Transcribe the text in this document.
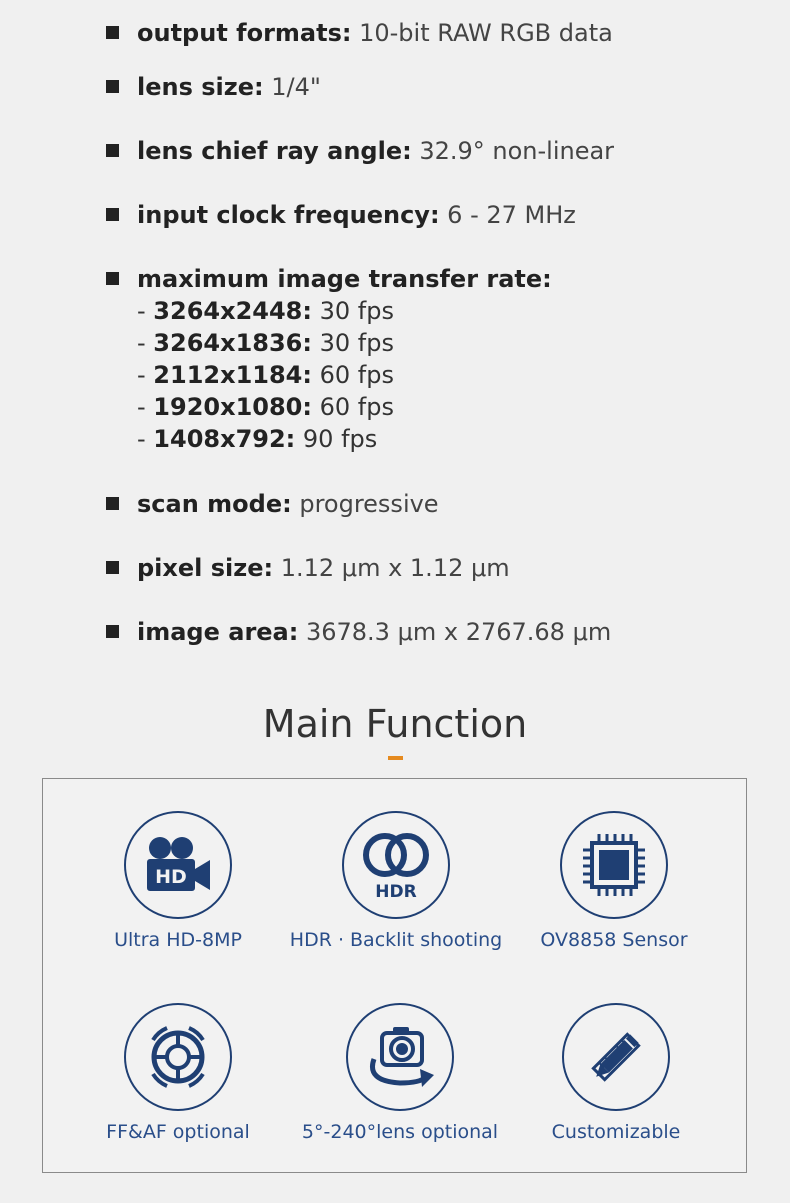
output formats: 10-bit RAW RGB data
lens size: 1/4"
lens chief ray angle: 32.9° non-linear
input clock frequency: 6 - 27 MHz
maximum image transfer rate:
- 3264x2448: 30 fps
- 3264x1836: 30 fps
- 2112x1184: 60 fps
- 1920x1080: 60 fps
- 1408x792: 90 fps
scan mode: progressive
pixel size: 1.12 μm x 1.12 μm
image area: 3678.3 μm x 2767.68 μm
Main Function
HD
Ultra HD-8MP
HDR
HDR · Backlit shooting	OV8858 Sensor
FF&AF optional	5°-240°lens optional	Customizable
